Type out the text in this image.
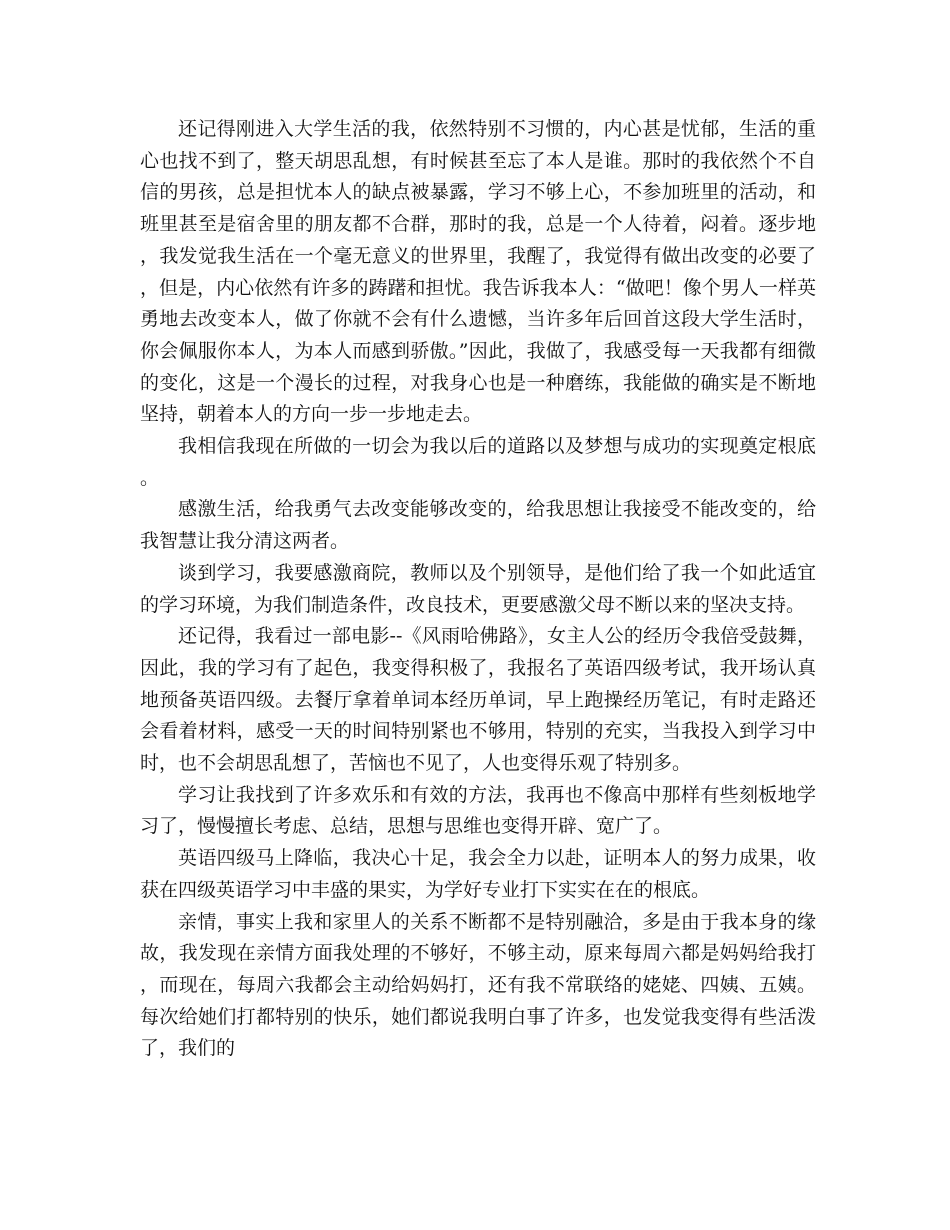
还记得刚进入大学生活的我，依然特别不习惯的，内心甚是忧郁，生活的重心也找不到了，整天胡思乱想，有时候甚至忘了本人是谁。那时的我依然个不自信的男孩，总是担忧本人的缺点被暴露，学习不够上心，不参加班里的活动，和班里甚至是宿舍里的朋友都不合群，那时的我，总是一个人待着，闷着。逐步地，我发觉我生活在一个毫无意义的世界里，我醒了，我觉得有做出改变的必要了，但是，内心依然有许多的踌躇和担忧。我告诉我本人：“做吧！像个男人一样英勇地去改变本人，做了你就不会有什么遗憾，当许多年后回首这段大学生活时，你会佩服你本人，为本人而感到骄傲。”因此，我做了，我感受每一天我都有细微的变化，这是一个漫长的过程，对我身心也是一种磨练，我能做的确实是不断地坚持，朝着本人的方向一步一步地走去。

我相信我现在所做的一切会为我以后的道路以及梦想与成功的实现奠定根底。

感激生活，给我勇气去改变能够改变的，给我思想让我接受不能改变的，给我智慧让我分清这两者。

谈到学习，我要感激商院，教师以及个别领导，是他们给了我一个如此适宜的学习环境，为我们制造条件，改良技术，更要感激父母不断以来的坚决支持。

还记得，我看过一部电影--《风雨哈佛路》，女主人公的经历令我倍受鼓舞，因此，我的学习有了起色，我变得积极了，我报名了英语四级考试，我开场认真地预备英语四级。去餐厅拿着单词本经历单词，早上跑操经历笔记，有时走路还会看着材料，感受一天的时间特别紧也不够用，特别的充实，当我投入到学习中时，也不会胡思乱想了，苦恼也不见了，人也变得乐观了特别多。

学习让我找到了许多欢乐和有效的方法，我再也不像高中那样有些刻板地学习了，慢慢擅长考虑、总结，思想与思维也变得开辟、宽广了。

英语四级马上降临，我决心十足，我会全力以赴，证明本人的努力成果，收获在四级英语学习中丰盛的果实，为学好专业打下实实在在的根底。

亲情，事实上我和家里人的关系不断都不是特别融洽，多是由于我本身的缘故，我发现在亲情方面我处理的不够好，不够主动，原来每周六都是妈妈给我打，而现在，每周六我都会主动给妈妈打，还有我不常联络的姥姥、四姨、五姨。每次给她们打都特别的快乐，她们都说我明白事了许多，也发觉我变得有些活泼了，我们的
